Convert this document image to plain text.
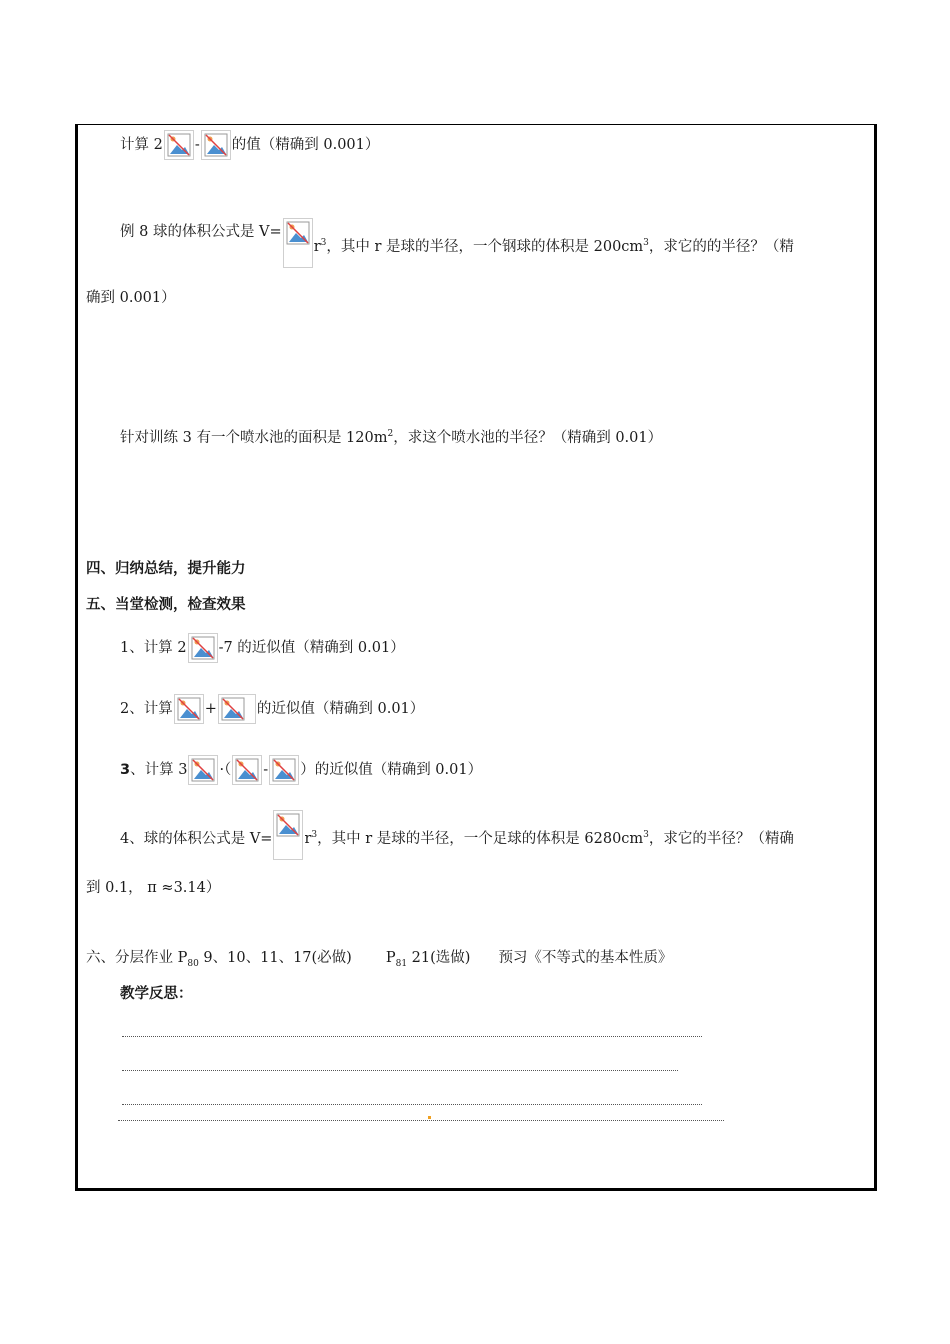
计算 2 - 的值（精确到 0.001）
例 8 球的体积公式是 V=
$r^3$，其中 r 是球的半径，一个钢球的体积是 $200cm^3$，求它的的半径？（精
确到 0.001）
针对训练 3 有一个喷水池的面积是 $120m^2$，求这个喷水池的半径？（精确到 0.01）
四、归纳总结，提升能力
五、当堂检测，检查效果
1、计算 2 -7 的近似值（精确到 0.01）
2、计算 +	的近似值（精确到 0.01）
3、计算 3 ·（ - ）的近似值（精确到 0.01）
4、球的体积公式是 $V= r^3$，其中 r 是球的半径，一个足球的体积是 $6280cm^3$，求它的半径？（精确
到 0.1， π ≈3.14）
六、分层作业 $P_{80}$ 9、10、11、17(必做) $P_{81}$ 21(选做) 预习《不等式的基本性质》
教学反思：
